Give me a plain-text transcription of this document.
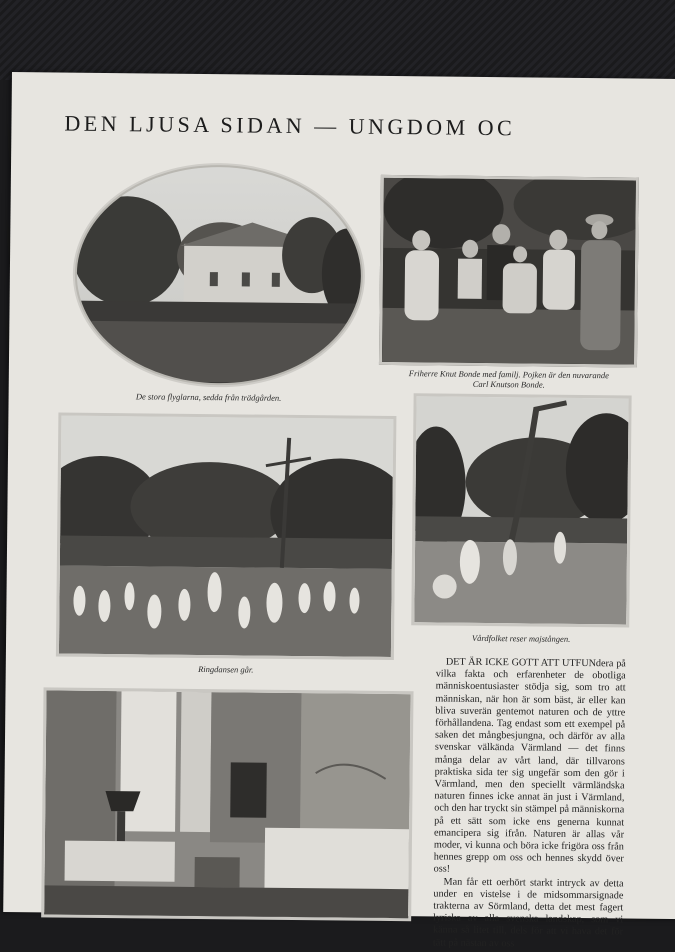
DEN LJUSA SIDAN — UNGDOM OC
De stora flyglarna, sedda från trädgården.
Friherre Knut Bonde med familj. Pojken är den nuvarande
Carl Knutson Bonde.
Ringdansen går.
Vårdfolket reser majstången.

DET ÄR ICKE GOTT ATT UTFUNdera på vilka fakta och erfarenheter de obotliga människoentusiaster stödja sig, som tro att människan, när hon är som bäst, är eller kan bliva suverän gentemot naturen och de yttre förhållandena. Tag endast som ett exempel på saken det mångbesjungna, och därför av alla svenskar välkända Värmland — det finns många delar av vårt land, där tillvarons praktiska sida ter sig ungefär som den gör i Värmland, men den speciellt värmländska naturen finnes icke annat än just i Värmland, och den har tryckt sin stämpel på människorna på ett sätt som icke ens generna kunnat emancipera sig ifrån. Naturen är allas vår moder, vi kunna och böra icke frigöra oss från hennes grepp om oss och hennes skydd över oss!

Man får ett oerhört starkt intryck av detta under en vistelse i de midsommarsignade trakterna av Sörmland, detta det mest fagert lyriska av alla svenska landskap, som vi känna så litet till, dels för att vi hava det för tätt på nästan av oss
